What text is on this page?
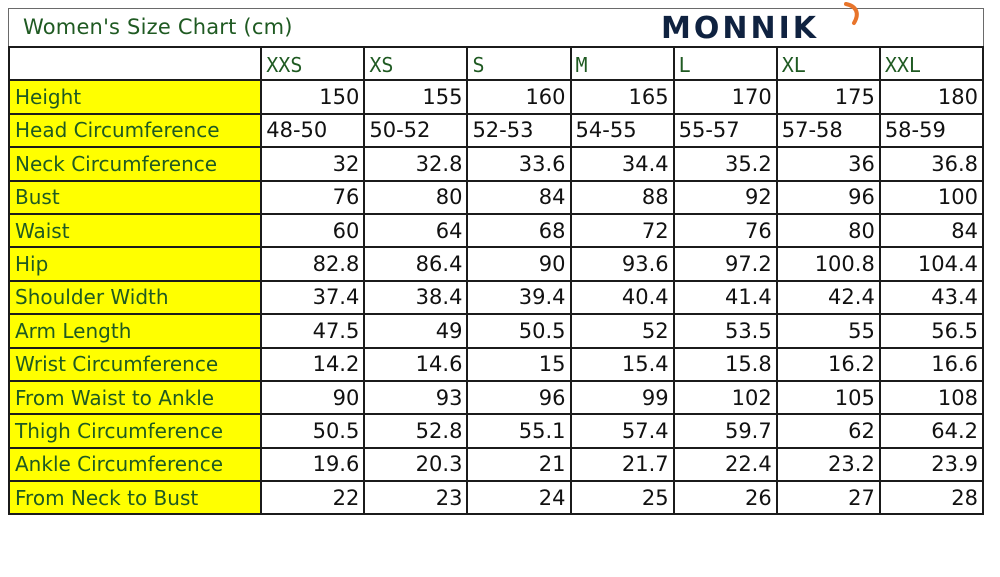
Women's Size Chart (cm)	MONNIK
	XXS	XS	S	M	L	XL	XXL
Height	150	155	160	165	170	175	180
Head Circumference	48-50	50-52	52-53	54-55	55-57	57-58	58-59
Neck Circumference	32	32.8	33.6	34.4	35.2	36	36.8
Bust	76	80	84	88	92	96	100
Waist	60	64	68	72	76	80	84
Hip	82.8	86.4	90	93.6	97.2	100.8	104.4
Shoulder Width	37.4	38.4	39.4	40.4	41.4	42.4	43.4
Arm Length	47.5	49	50.5	52	53.5	55	56.5
Wrist Circumference	14.2	14.6	15	15.4	15.8	16.2	16.6
From Waist to Ankle	90	93	96	99	102	105	108
Thigh Circumference	50.5	52.8	55.1	57.4	59.7	62	64.2
Ankle Circumference	19.6	20.3	21	21.7	22.4	23.2	23.9
From Neck to Bust	22	23	24	25	26	27	28
